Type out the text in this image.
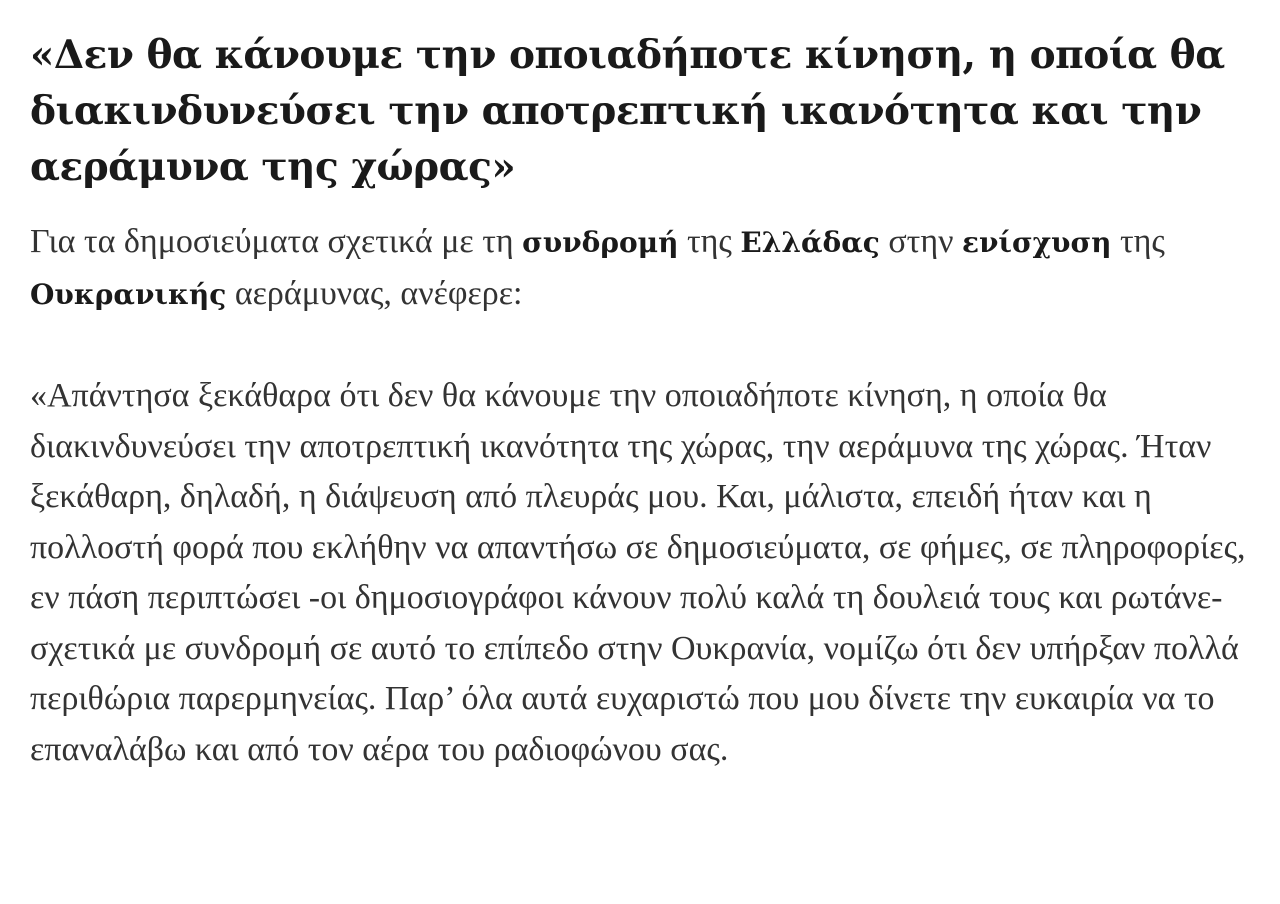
«Δεν θα κάνουμε την οποιαδήποτε κίνηση, η οποία θα διακινδυνεύσει την αποτρεπτική ικανότητα και την αεράμυνα της χώρας»

Για τα δημοσιεύματα σχετικά με τη συνδρομή της Ελλάδας στην ενίσχυση της Ουκρανικής αεράμυνας, ανέφερε:

«Απάντησα ξεκάθαρα ότι δεν θα κάνουμε την οποιαδήποτε κίνηση, η οποία θα διακινδυνεύσει την αποτρεπτική ικανότητα της χώρας, την αεράμυνα της χώρας. Ήταν ξεκάθαρη, δηλαδή, η διάψευση από πλευράς μου. Και, μάλιστα, επειδή ήταν και η πολλοστή φορά που εκλήθην να απαντήσω σε δημοσιεύματα, σε φήμες, σε πληροφορίες, εν πάση περιπτώσει -οι δημοσιογράφοι κάνουν πολύ καλά τη δουλειά τους και ρωτάνε- σχετικά με συνδρομή σε αυτό το επίπεδο στην Ουκρανία, νομίζω ότι δεν υπήρξαν πολλά περιθώρια παρερμηνείας. Παρ’ όλα αυτά ευχαριστώ που μου δίνετε την ευκαιρία να το επαναλάβω και από τον αέρα του ραδιοφώνου σας.
